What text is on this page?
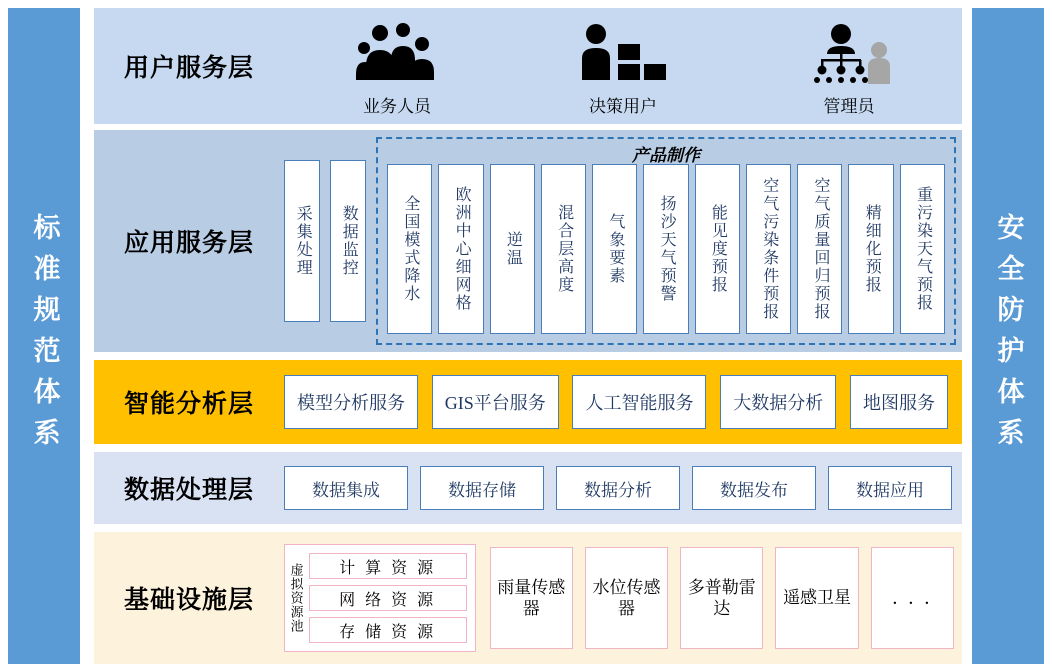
标准规范体系	安全防护体系
用户服务层
业务人员	决策用户	管理员
应用服务层	采集处理 数据监控
产品制作
全国模式降水 欧洲中心细网格 逆温 混合层高度 气象要素 扬沙天气预警 能见度预报 空气污染条件预报 空气质量回归预报 精细化预报 重污染天气预报
智能分析层	模型分析服务	GIS平台服务	人工智能服务	大数据分析	地图服务
数据处理层	数据集成	数据存储	数据分析	数据发布	数据应用
基础设施层	虚拟资源池	计 算 资 源
网 络 资 源
存 储 资 源
雨量传感器
水位传感器
多普勒雷达
遥感卫星	. . .
